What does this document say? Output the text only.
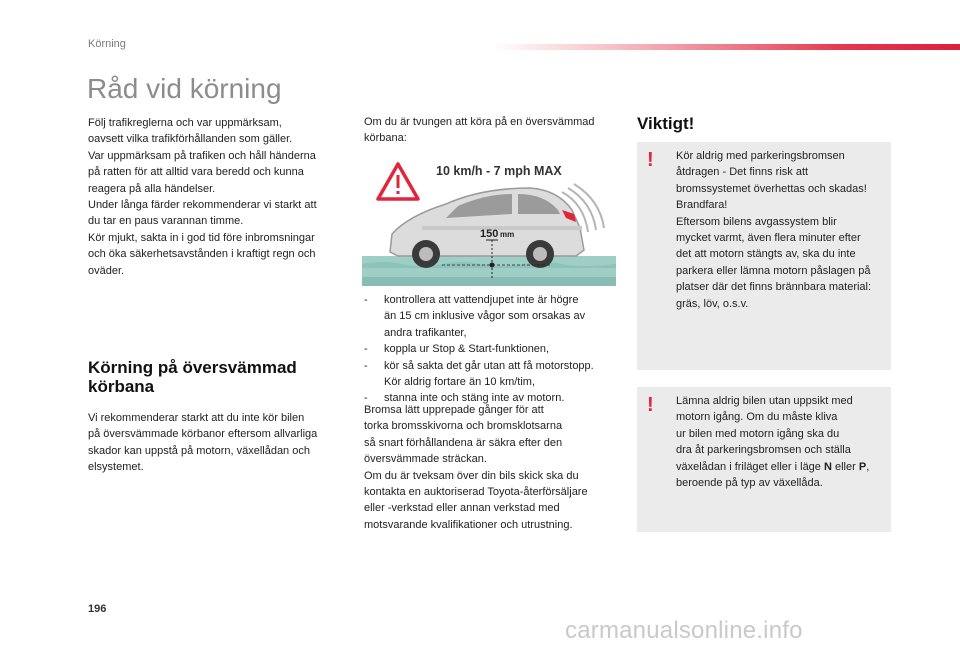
Körning
Råd vid körning

Följ trafikreglerna och var uppmärksam,

oavsett vilka trafikförhållanden som gäller.

Var uppmärksam på trafiken och håll händerna

på ratten för att alltid vara beredd och kunna

reagera på alla händelser.

Under långa färder rekommenderar vi starkt att

du tar en paus varannan timme.

Kör mjukt, sakta in i god tid före inbromsningar

och öka säkerhetsavstånden i kraftigt regn och

oväder.

Körning på översvämmad
körbana
Vi rekommenderar starkt att du inte kör bilen
på översvämmade körbanor eftersom allvarliga
skador kan uppstå på motorn, växellådan och
elsystemet.
Om du är tvungen att köra på en översvämmad
körbana:
10 km/h - 7 mph MAX
150 mm
- kontrollera att vattendjupet inte är högre
än 15 cm inklusive vågor som orsakas av
andra trafikanter,
- koppla ur Stop & Start-funktionen,
- kör så sakta det går utan att få motorstopp.
Kör aldrig fortare än 10 km/tim,
- stanna inte och stäng inte av motorn.

Bromsa lätt upprepade gånger för att

torka bromsskivorna och bromsklotsarna

så snart förhållandena är säkra efter den

översvämmade sträckan.

Om du är tveksam över din bils skick ska du

kontakta en auktoriserad Toyota-återförsäljare

eller -verkstad eller annan verkstad med

motsvarande kvalifikationer och utrustning.

Viktigt!
! Kör aldrig med parkeringsbromsen
åtdragen - Det finns risk att
bromssystemet överhettas och skadas!
Brandfara!
Eftersom bilens avgassystem blir
mycket varmt, även flera minuter efter
det att motorn stängts av, ska du inte
parkera eller lämna motorn påslagen på
platser där det finns brännbara material:
gräs, löv, o.s.v.
! Lämna aldrig bilen utan uppsikt med
motorn igång. Om du måste kliva
ur bilen med motorn igång ska du
dra åt parkeringsbromsen och ställa
växelådan i friläget eller i läge N eller P,
beroende på typ av växellåda.
196
carmanualsonline.info
